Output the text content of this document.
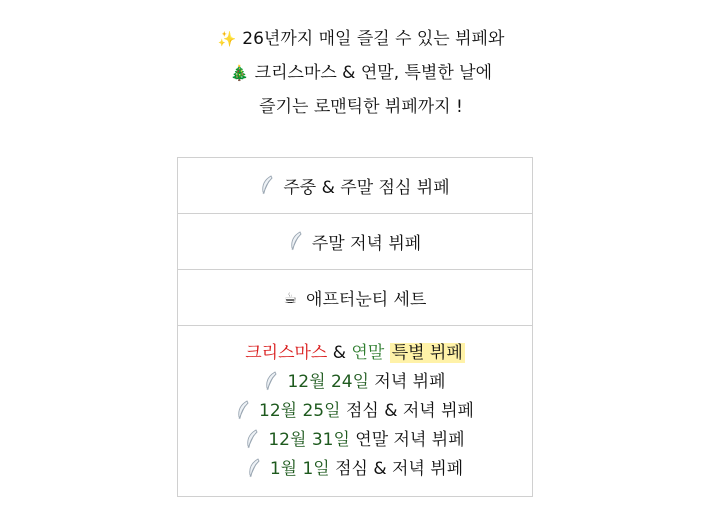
✨ 26년까지 매일 즐길 수 있는 뷔페와
🎄 크리스마스 & 연말, 특별한 날에
즐기는 로맨틱한 뷔페까지 !
주중 & 주말 점심 뷔페
주말 저녁 뷔페
☕ 애프터눈티 세트
크리스마스 & 연말 특별 뷔페
12월 24일 저녁 뷔페
12월 25일 점심 & 저녁 뷔페
12월 31일 연말 저녁 뷔페
1월 1일 점심 & 저녁 뷔페
